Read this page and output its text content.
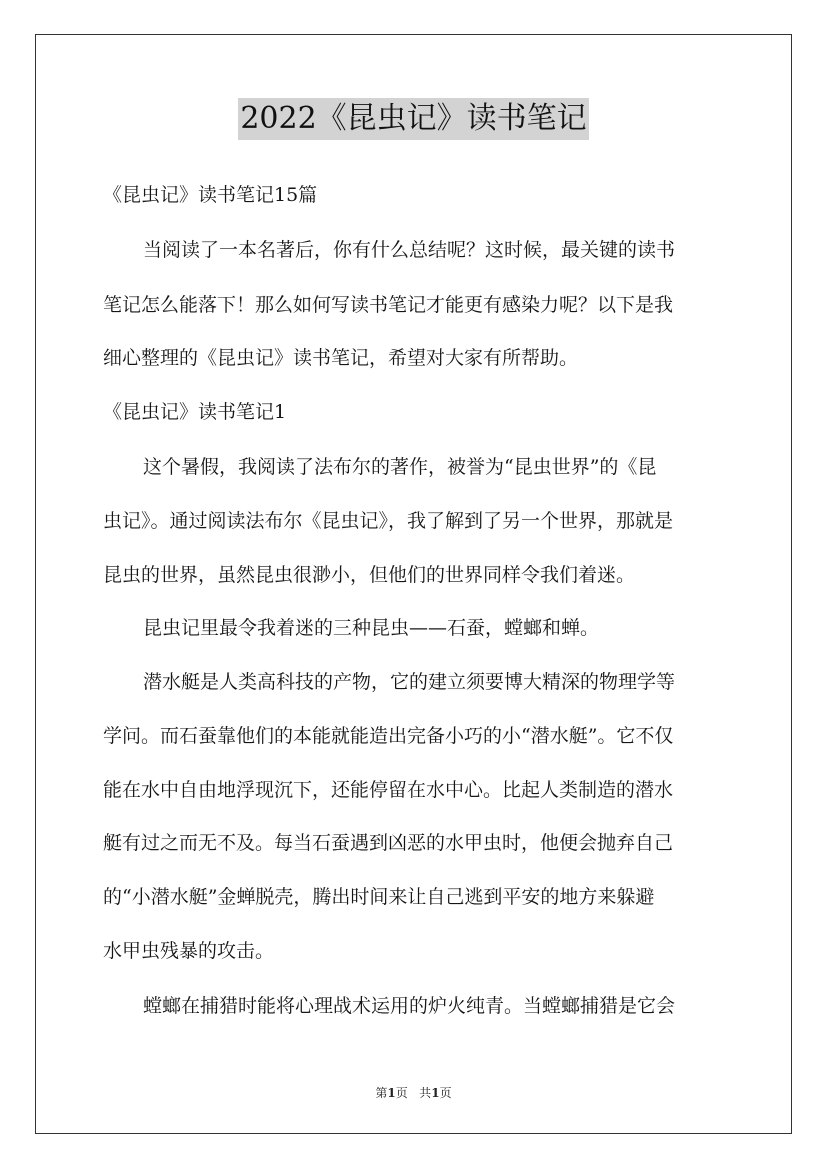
2022《昆虫记》读书笔记
《昆虫记》读书笔记15篇
当阅读了一本名著后，你有什么总结呢？这时候，最关键的读书
笔记怎么能落下！那么如何写读书笔记才能更有感染力呢？以下是我
细心整理的《昆虫记》读书笔记，希望对大家有所帮助。
《昆虫记》读书笔记1
这个暑假，我阅读了法布尔的著作，被誉为“昆虫世界”的《昆
虫记》。通过阅读法布尔《昆虫记》，我了解到了另一个世界，那就是
昆虫的世界，虽然昆虫很渺小，但他们的世界同样令我们着迷。
昆虫记里最令我着迷的三种昆虫——石蚕，螳螂和蝉。
潜水艇是人类高科技的产物，它的建立须要博大精深的物理学等
学问。而石蚕靠他们的本能就能造出完备小巧的小“潜水艇”。它不仅
能在水中自由地浮现沉下，还能停留在水中心。比起人类制造的潜水
艇有过之而无不及。每当石蚕遇到凶恶的水甲虫时，他便会抛弃自己
的“小潜水艇”金蝉脱壳，腾出时间来让自己逃到平安的地方来躲避
水甲虫残暴的攻击。
螳螂在捕猎时能将心理战术运用的炉火纯青。当螳螂捕猎是它会
第1页 共1页
